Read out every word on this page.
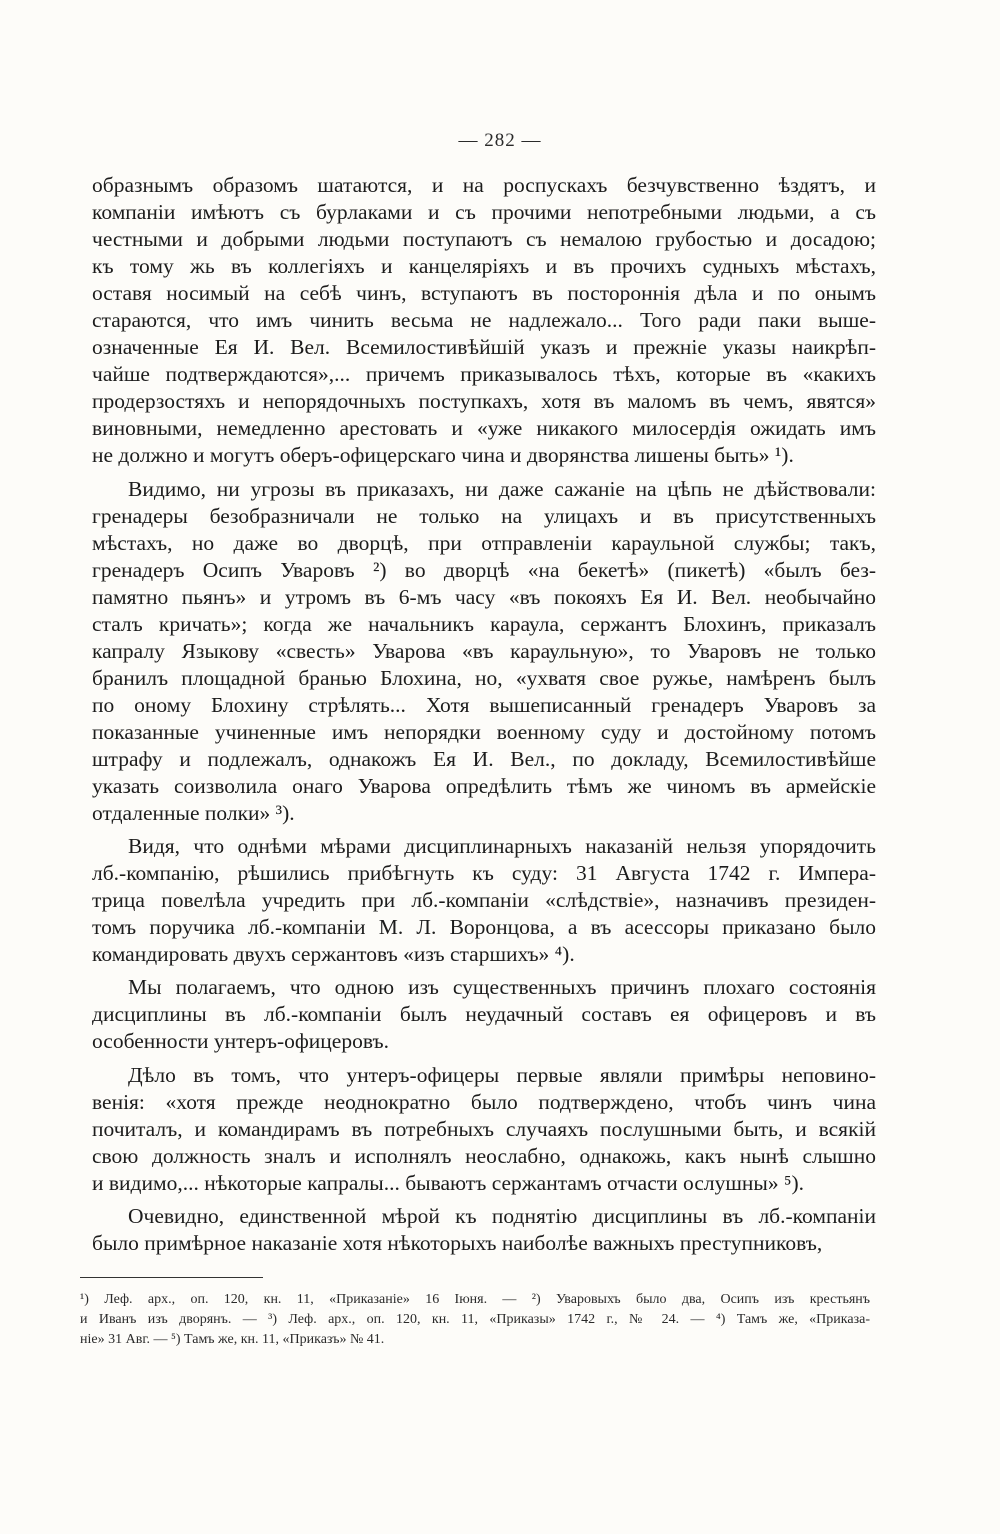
— 282 —
образнымъ образомъ шатаются, и на роспускахъ безчувственно ѣздятъ, и
компаніи имѣютъ съ бурлаками и съ прочими непотребными людьми, а съ
честными и добрыми людьми поступаютъ съ немалою грубостью и досадою;
къ тому жь въ коллегіяхъ и канцеляріяхъ и въ прочихъ судныхъ мѣстахъ,
оставя носимый на себѣ чинъ, вступаютъ въ постороннія дѣла и по онымъ
стараются, что имъ чинить весьма не надлежало... Того ради паки выше-
означенные Ея И. Вел. Всемилостивѣйшій указъ и прежніе указы наикрѣп-
чайше подтверждаются»,... причемъ приказывалось тѣхъ, которые въ «какихъ
продерзостяхъ и непорядочныхъ поступкахъ, хотя въ маломъ въ чемъ, явятся»
виновными, немедленно арестовать и «уже никакого милосердія ожидать имъ
не должно и могутъ оберъ-офицерскаго чина и дворянства лишены быть» ¹).
Видимо, ни угрозы въ приказахъ, ни даже сажаніе на цѣпь не дѣйствовали:
гренадеры безобразничали не только на улицахъ и въ присутственныхъ
мѣстахъ, но даже во дворцѣ, при отправленіи караульной службы; такъ,
гренадеръ Осипъ Уваровъ ²) во дворцѣ «на бекетѣ» (пикетѣ) «былъ без-
памятно пьянъ» и утромъ въ 6-мъ часу «въ покояхъ Ея И. Вел. необычайно
сталъ кричать»; когда же начальникъ караула, сержантъ Блохинъ, приказалъ
капралу Языкову «свесть» Уварова «въ караульную», то Уваровъ не только
бранилъ площадной бранью Блохина, но, «ухватя свое ружье, намѣренъ былъ
по оному Блохину стрѣлять... Хотя вышеписанный гренадеръ Уваровъ за
показанные учиненные имъ непорядки военному суду и достойному потомъ
штрафу и подлежалъ, однакожъ Ея И. Вел., по докладу, Всемилостивѣйше
указать соизволила онаго Уварова опредѣлить тѣмъ же чиномъ въ армейскіе
отдаленные полки» ³).
Видя, что однѣми мѣрами дисциплинарныхъ наказаній нельзя упорядочить
лб.-компанію, рѣшились прибѣгнуть къ суду: 31 Августа 1742 г. Импера-
трица повелѣла учредить при лб.-компаніи «слѣдствіе», назначивъ президен-
томъ поручика лб.-компаніи М. Л. Воронцова, а въ асессоры приказано было
командировать двухъ сержантовъ «изъ старшихъ» ⁴).
Мы полагаемъ, что одною изъ существенныхъ причинъ плохаго состоянія
дисциплины въ лб.-компаніи былъ неудачный составъ ея офицеровъ и въ
особенности унтеръ-офицеровъ.
Дѣло въ томъ, что унтеръ-офицеры первые являли примѣры неповино-
венія: «хотя прежде неоднократно было подтверждено, чтобъ чинъ чина
почиталъ, и командирамъ въ потребныхъ случаяхъ послушными быть, и всякій
свою должность зналъ и исполнялъ неослабно, однакожь, какъ нынѣ слышно
и видимо,... нѣкоторые капралы... бываютъ сержантамъ отчасти ослушны» ⁵).
Очевидно, единственной мѣрой къ поднятію дисциплины въ лб.-компаніи
было примѣрное наказаніе хотя нѣкоторыхъ наиболѣе важныхъ преступниковъ,
¹) Леф. арх., оп. 120, кн. 11, «Приказаніе» 16 Іюня. — ²) Уваровыхъ было два, Осипъ изъ крестьянъ
и Иванъ изъ дворянъ. — ³) Леф. арх., оп. 120, кн. 11, «Приказы» 1742 г., № 24. — ⁴) Тамъ же, «Приказа-
ніе» 31 Авг. — ⁵) Тамъ же, кн. 11, «Приказъ» № 41.
